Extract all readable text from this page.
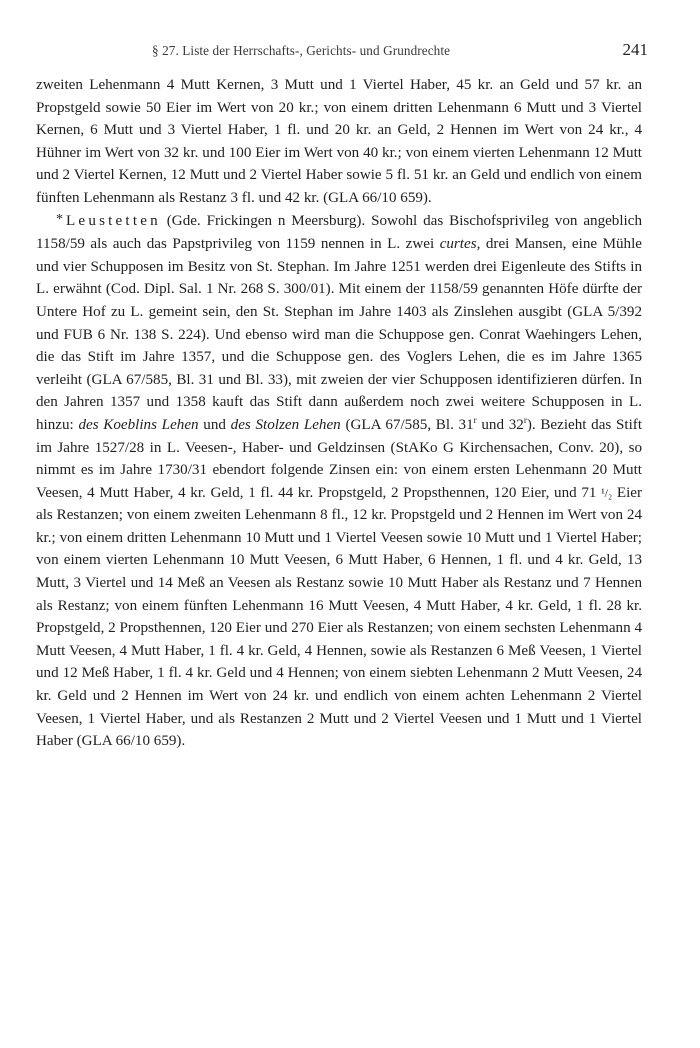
§ 27. Liste der Herrschafts-, Gerichts- und Grundrechte	241

zweiten Lehenmann 4 Mutt Kernen, 3 Mutt und 1 Viertel Haber, 45 kr. an Geld und 57 kr. an Propstgeld sowie 50 Eier im Wert von 20 kr.; von einem dritten Lehenmann 6 Mutt und 3 Viertel Kernen, 6 Mutt und 3 Viertel Haber, 1 fl. und 20 kr. an Geld, 2 Hennen im Wert von 24 kr., 4 Hühner im Wert von 32 kr. und 100 Eier im Wert von 40 kr.; von einem vierten Lehenmann 12 Mutt und 2 Viertel Kernen, 12 Mutt und 2 Viertel Haber sowie 5 fl. 51 kr. an Geld und endlich von einem fünften Lehenmann als Restanz 3 fl. und 42 kr. (GLA 66/10 659).

* Leustetten (Gde. Frickingen n Meersburg). Sowohl das Bischofsprivileg von angeblich 1158/59 als auch das Papstprivileg von 1159 nennen in L. zwei curtes, drei Mansen, eine Mühle und vier Schupposen im Besitz von St. Stephan. Im Jahre 1251 werden drei Eigenleute des Stifts in L. erwähnt (Cod. Dipl. Sal. 1 Nr. 268 S. 300/01). Mit einem der 1158/59 genannten Höfe dürfte der Untere Hof zu L. gemeint sein, den St. Stephan im Jahre 1403 als Zinslehen ausgibt (GLA 5/392 und FUB 6 Nr. 138 S. 224). Und ebenso wird man die Schuppose gen. Conrat Waehingers Lehen, die das Stift im Jahre 1357, und die Schuppose gen. des Voglers Lehen, die es im Jahre 1365 verleiht (GLA 67/585, Bl. 31 und Bl. 33), mit zweien der vier Schupposen identifizieren dürfen. In den Jahren 1357 und 1358 kauft das Stift dann außerdem noch zwei weitere Schupposen in L. hinzu: des Koeblins Lehen und des Stolzen Lehen (GLA 67/585, Bl. 31$^r$ und 32$^r$). Bezieht das Stift im Jahre 1527/28 in L. Veesen-, Haber- und Geldzinsen (StAKo G Kirchensachen, Conv. 20), so nimmt es im Jahre 1730/31 ebendort folgende Zinsen ein: von einem ersten Lehenmann 20 Mutt Veesen, 4 Mutt Haber, 4 kr. Geld, 1 fl. 44 kr. Propstgeld, 2 Propsthennen, 120 Eier, und 71 ¹/₂ Eier als Restanzen; von einem zweiten Lehenmann 8 fl., 12 kr. Propstgeld und 2 Hennen im Wert von 24 kr.; von einem dritten Lehenmann 10 Mutt und 1 Viertel Veesen sowie 10 Mutt und 1 Viertel Haber; von einem vierten Lehenmann 10 Mutt Veesen, 6 Mutt Haber, 6 Hennen, 1 fl. und 4 kr. Geld, 13 Mutt, 3 Viertel und 14 Meß an Veesen als Restanz sowie 10 Mutt Haber als Restanz und 7 Hennen als Restanz; von einem fünften Lehenmann 16 Mutt Veesen, 4 Mutt Haber, 4 kr. Geld, 1 fl. 28 kr. Propstgeld, 2 Propsthennen, 120 Eier und 270 Eier als Restanzen; von einem sechsten Lehenmann 4 Mutt Veesen, 4 Mutt Haber, 1 fl. 4 kr. Geld, 4 Hennen, sowie als Restanzen 6 Meß Veesen, 1 Viertel und 12 Meß Haber, 1 fl. 4 kr. Geld und 4 Hennen; von einem siebten Lehenmann 2 Mutt Veesen, 24 kr. Geld und 2 Hennen im Wert von 24 kr. und endlich von einem achten Lehenmann 2 Viertel Veesen, 1 Viertel Haber, und als Restanzen 2 Mutt und 2 Viertel Veesen und 1 Mutt und 1 Viertel Haber (GLA 66/10 659).
